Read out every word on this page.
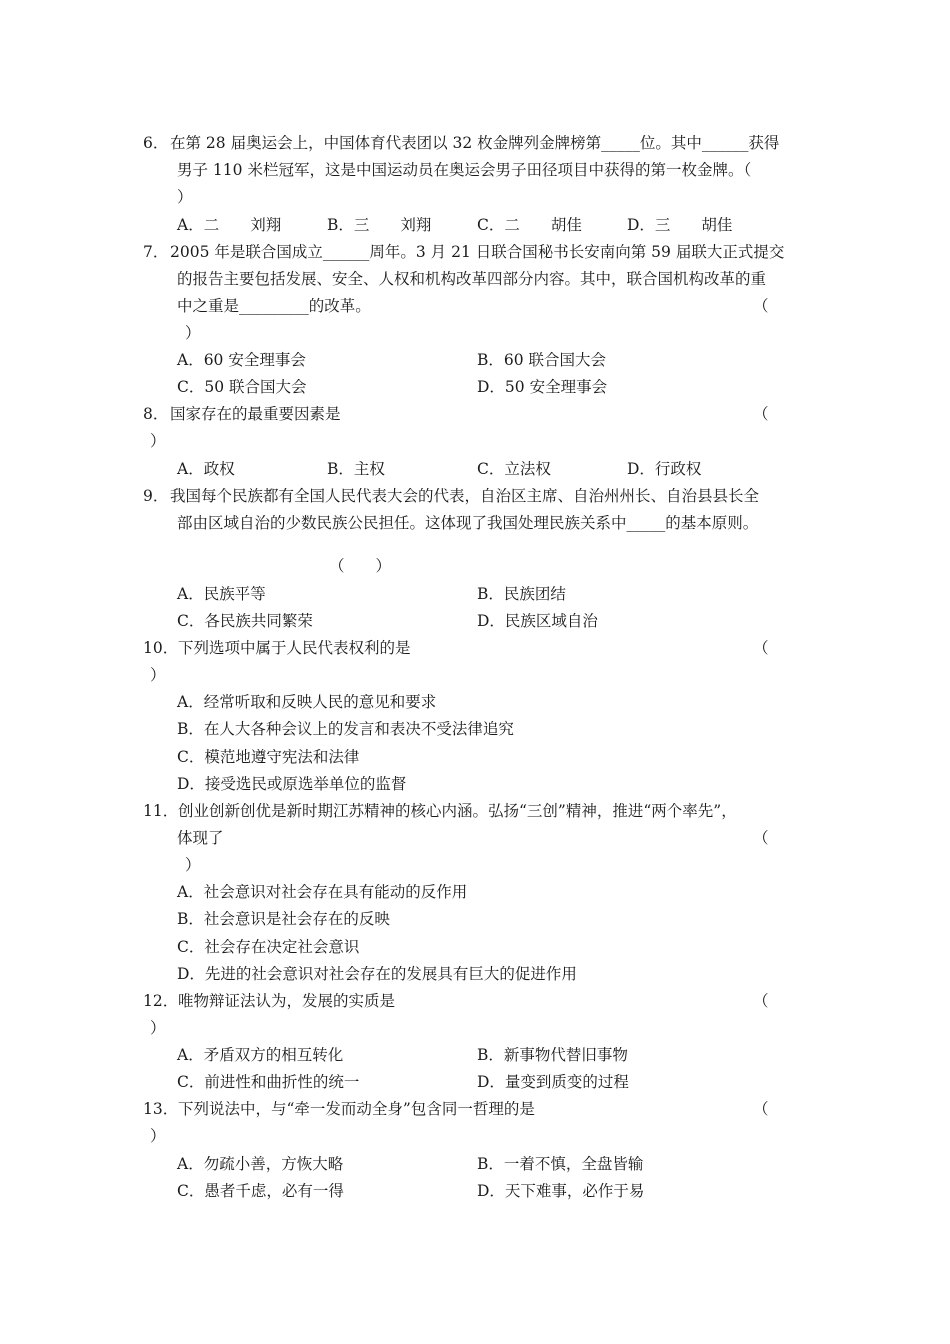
6． 在第 28 届奥运会上，中国体育代表团以 32 枚金牌列金牌榜第_____位。其中______获得
男子 110 米栏冠军，这是中国运动员在奥运会男子田径项目中获得的第一枚金牌。（
）
A．二　　刘翔	B．三　　刘翔	C．二　　胡佳	D．三　　胡佳
7． 2005 年是联合国成立______周年。3 月 21 日联合国秘书长安南向第 59 届联大正式提交
的报告主要包括发展、安全、人权和机构改革四部分内容。其中，联合国机构改革的重
中之重是_________的改革。	（
）
A．60 安全理事会	B．60 联合国大会
C．50 联合国大会	D．50 安全理事会
8． 国家存在的最重要因素是	（
）
A．政权	B．主权	C．立法权	D．行政权
9． 我国每个民族都有全国人民代表大会的代表，自治区主席、自治州州长、自治县县长全
部由区域自治的少数民族公民担任。这体现了我国处理民族关系中_____的基本原则。
（　　）
A．民族平等	B．民族团结
C．各民族共同繁荣	D．民族区域自治
10． 下列选项中属于人民代表权利的是	（
）
A．经常听取和反映人民的意见和要求
B．在人大各种会议上的发言和表决不受法律追究
C．模范地遵守宪法和法律
D．接受选民或原选举单位的监督
11． 创业创新创优是新时期江苏精神的核心内涵。弘扬“三创”精神，推进“两个率先”，
体现了	（
）
A．社会意识对社会存在具有能动的反作用
B．社会意识是社会存在的反映
C．社会存在决定社会意识
D．先进的社会意识对社会存在的发展具有巨大的促进作用
12． 唯物辩证法认为，发展的实质是	（
）
A．矛盾双方的相互转化	B．新事物代替旧事物
C．前进性和曲折性的统一	D．量变到质变的过程
13． 下列说法中，与“牵一发而动全身”包含同一哲理的是	（
）
A．勿疏小善，方恢大略	B．一着不慎，全盘皆输
C．愚者千虑，必有一得	D．天下难事，必作于易
